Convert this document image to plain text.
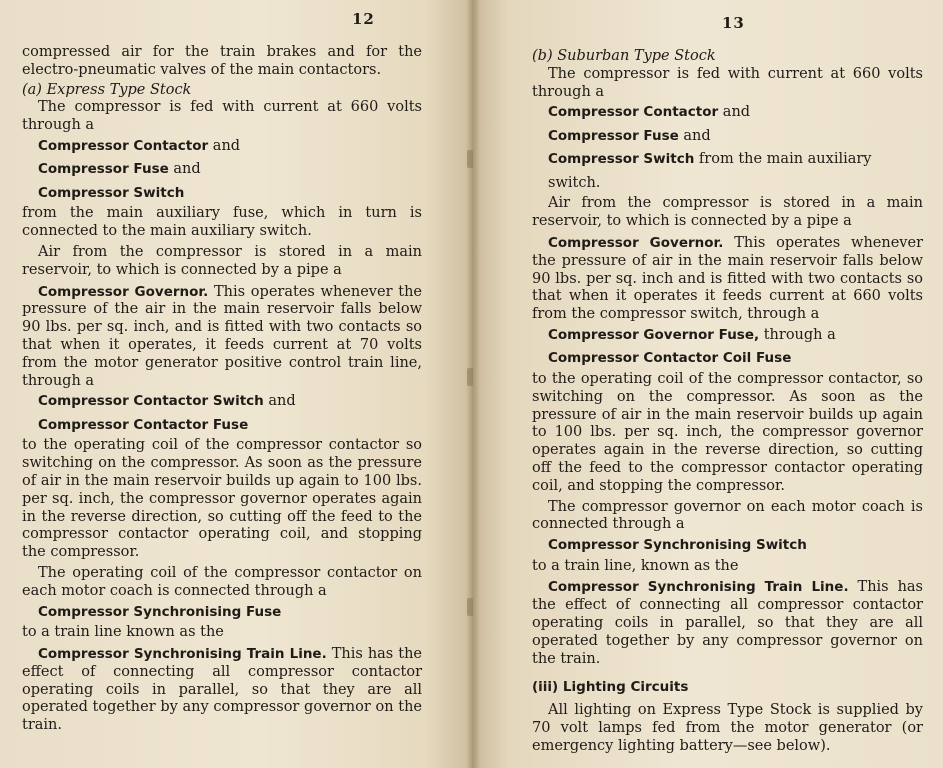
12

compressed air for the train brakes and for the electro-pneumatic valves of the main contactors.

(a) Express Type Stock

The compressor is fed with current at 660 volts through a

Compressor Contactor and
Compressor Fuse and
Compressor Switch

from the main auxiliary fuse, which in turn is connected to the main auxiliary switch.

Air from the compressor is stored in a main reservoir, to which is connected by a pipe a

Compressor Governor. This operates whenever the pressure of the air in the main reservoir falls below 90 lbs. per sq. inch, and is fitted with two contacts so that when it operates, it feeds current at 70 volts from the motor generator positive control train line, through a

Compressor Contactor Switch and
Compressor Contactor Fuse

to the operating coil of the compressor contactor so switching on the compressor. As soon as the pressure of air in the main reservoir builds up again to 100 lbs. per sq. inch, the compressor governor operates again in the reverse direction, so cutting off the feed to the compressor contactor operating coil, and stopping the compressor.

The operating coil of the compressor contactor on each motor coach is connected through a

Compressor Synchronising Fuse

to a train line known as the

Compressor Synchronising Train Line. This has the effect of connecting all compressor contactor operating coils in parallel, so that they are all operated together by any compressor governor on the train.

13

(b) Suburban Type Stock

The compressor is fed with current at 660 volts through a

Compressor Contactor and
Compressor Fuse and
Compressor Switch from the main auxiliary switch.

Air from the compressor is stored in a main reservoir, to which is connected by a pipe a

Compressor Governor. This operates whenever the pressure of air in the main reservoir falls below 90 lbs. per sq. inch and is fitted with two contacts so that when it operates it feeds current at 660 volts from the compressor switch, through a

Compressor Governor Fuse, through a
Compressor Contactor Coil Fuse

to the operating coil of the compressor contactor, so switching on the compressor. As soon as the pressure of air in the main reservoir builds up again to 100 lbs. per sq. inch, the compressor governor operates again in the reverse direction, so cutting off the feed to the compressor contactor operating coil, and stopping the compressor.

The compressor governor on each motor coach is connected through a

Compressor Synchronising Switch

to a train line, known as the

Compressor Synchronising Train Line. This has the effect of connecting all compressor contactor operating coils in parallel, so that they are all operated together by any compressor governor on the train.

(iii) Lighting Circuits

All lighting on Express Type Stock is supplied by 70 volt lamps fed from the motor generator (or emergency lighting battery—see below).
